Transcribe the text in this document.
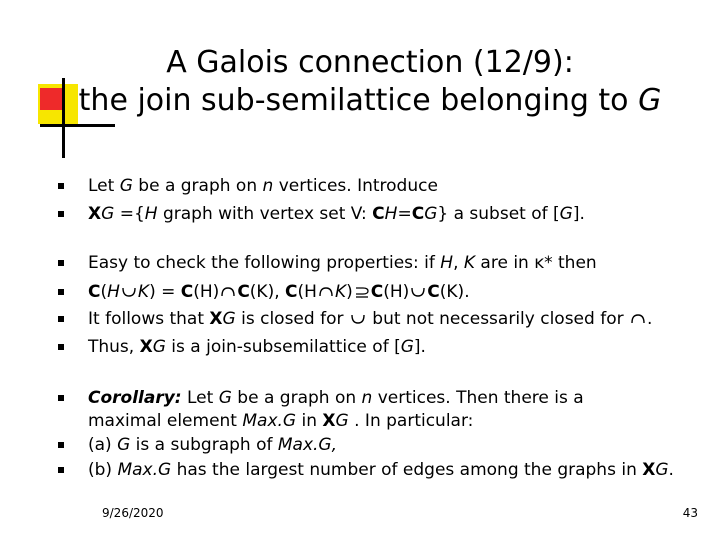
A Galois connection (12/9):
the join sub-semilattice belonging to G
Let G be a graph on n vertices. Introduce
XG ={H graph with vertex set V: CH=CG} a subset of [G].
Easy to check the following properties: if H, K are in ĸ* then
C(H K) = C(H) C(K), C(H K) C(H) C(K).
It follows that XG is closed for  but not necessarily closed for .
Thus, XG is a join-subsemilattice of [G].
Corollary: Let G be a graph on n vertices. Then there is a
maximal element Max.G in XG . In particular:
(a) G is a subgraph of Max.G,
(b) Max.G has the largest number of edges among the graphs in XG.
9/26/2020	43
